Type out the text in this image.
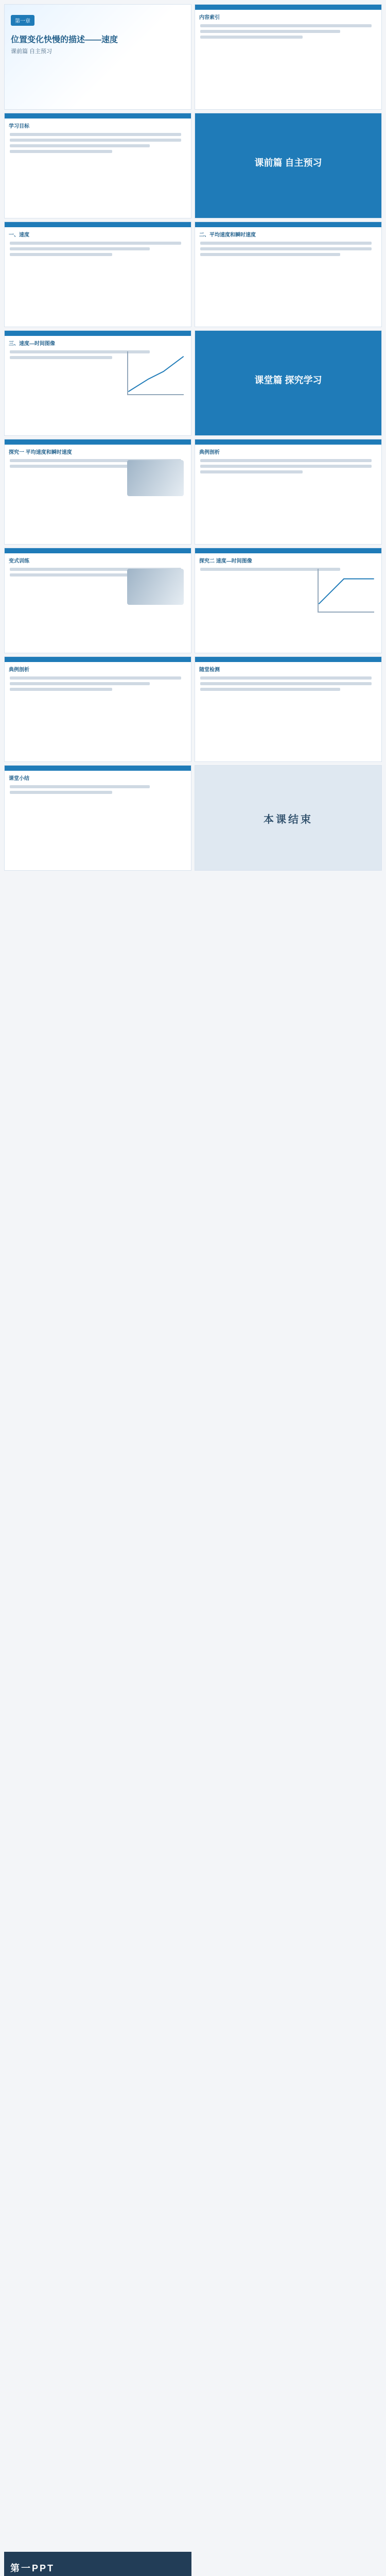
第一章
位置变化快慢的描述——速度
课前篇 自主预习
内容索引
学习目标
课前篇 自主预习
一、速度	二、平均速度和瞬时速度
三、速度—时间图像
课堂篇 探究学习
探究一 平均速度和瞬时速度	典例剖析
变式训练	探究二 速度—时间图像
典例剖析	随堂检测
课堂小结
本课结束
第一PPT
